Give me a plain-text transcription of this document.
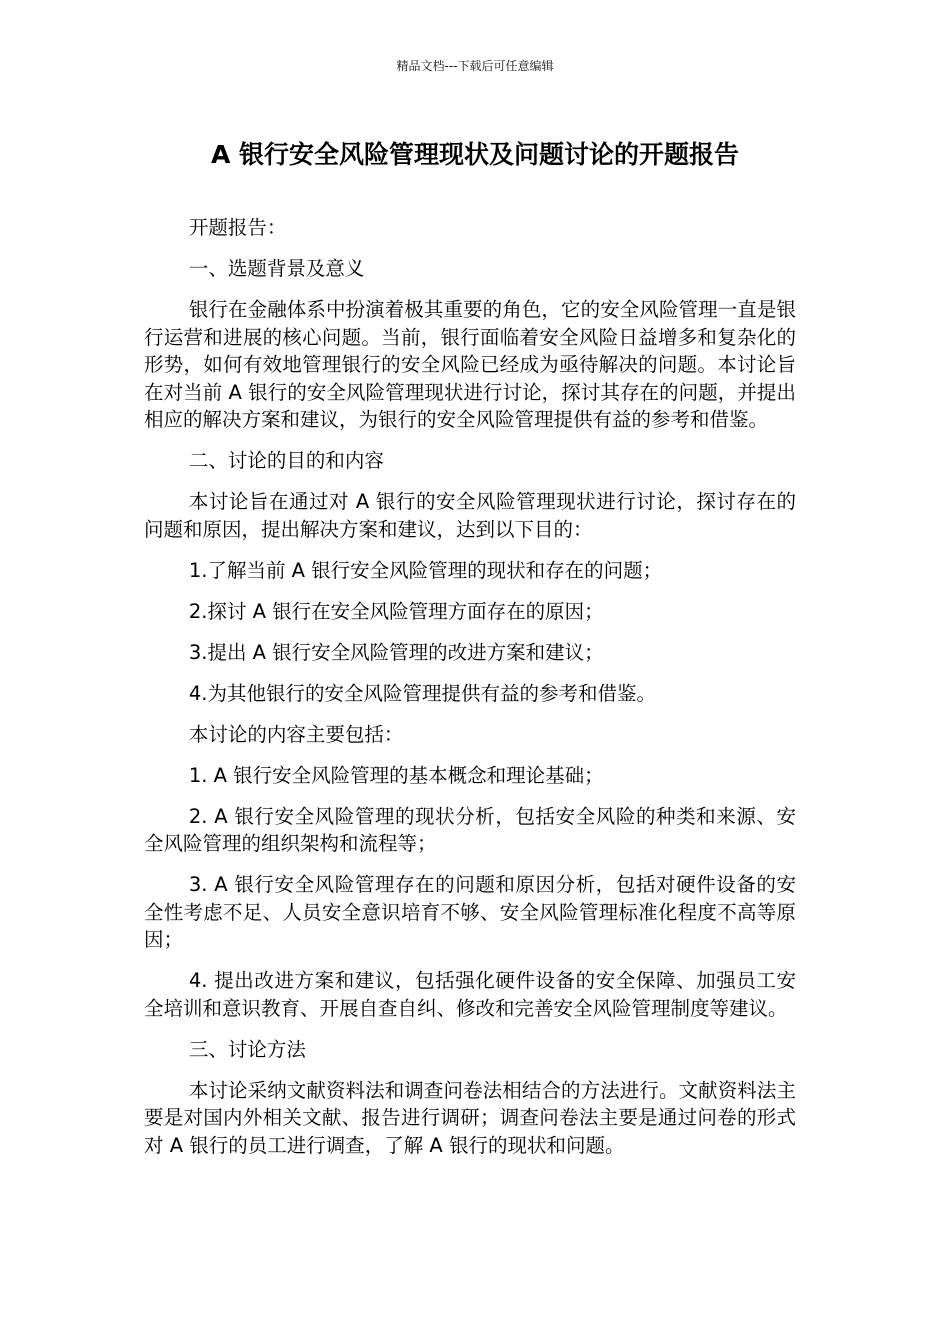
精品文档---下载后可任意编辑
A 银行安全风险管理现状及问题讨论的开题报告

开题报告：

一、选题背景及意义

银行在金融体系中扮演着极其重要的角色，它的安全风险管理一直是银行运营和进展的核心问题。当前，银行面临着安全风险日益增多和复杂化的形势，如何有效地管理银行的安全风险已经成为亟待解决的问题。本讨论旨在对当前 A 银行的安全风险管理现状进行讨论，探讨其存在的问题，并提出相应的解决方案和建议，为银行的安全风险管理提供有益的参考和借鉴。

二、讨论的目的和内容

本讨论旨在通过对 A 银行的安全风险管理现状进行讨论，探讨存在的问题和原因，提出解决方案和建议，达到以下目的：

1.了解当前 A 银行安全风险管理的现状和存在的问题；

2.探讨 A 银行在安全风险管理方面存在的原因；

3.提出 A 银行安全风险管理的改进方案和建议；

4.为其他银行的安全风险管理提供有益的参考和借鉴。

本讨论的内容主要包括：

1. A 银行安全风险管理的基本概念和理论基础；

2. A 银行安全风险管理的现状分析，包括安全风险的种类和来源、安全风险管理的组织架构和流程等；

3. A 银行安全风险管理存在的问题和原因分析，包括对硬件设备的安全性考虑不足、人员安全意识培育不够、安全风险管理标准化程度不高等原因；

4. 提出改进方案和建议，包括强化硬件设备的安全保障、加强员工安全培训和意识教育、开展自查自纠、修改和完善安全风险管理制度等建议。

三、讨论方法

本讨论采纳文献资料法和调查问卷法相结合的方法进行。文献资料法主要是对国内外相关文献、报告进行调研；调查问卷法主要是通过问卷的形式对 A 银行的员工进行调查，了解 A 银行的现状和问题。
